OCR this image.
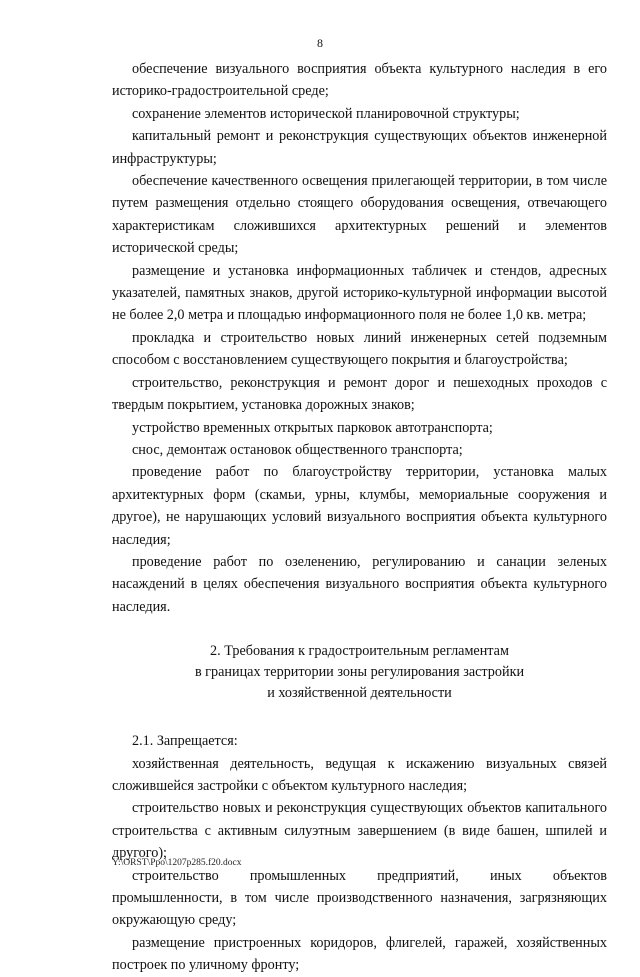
8

обеспечение визуального восприятия объекта культурного наследия в его историко-градостроительной среде;

сохранение элементов исторической планировочной структуры;

капитальный ремонт и реконструкция существующих объектов инженерной инфраструктуры;

обеспечение качественного освещения прилегающей территории, в том числе путем размещения отдельно стоящего оборудования освещения, отвечающего характеристикам сложившихся архитектурных решений и элементов исторической среды;

размещение и установка информационных табличек и стендов, адресных указателей, памятных знаков, другой историко-культурной информации высотой не более 2,0 метра и площадью информационного поля не более 1,0 кв. метра;

прокладка и строительство новых линий инженерных сетей подземным способом с восстановлением существующего покрытия и благоустройства;

строительство, реконструкция и ремонт дорог и пешеходных проходов с твердым покрытием, установка дорожных знаков;

устройство временных открытых парковок автотранспорта;

снос, демонтаж остановок общественного транспорта;

проведение работ по благоустройству территории, установка малых архитектурных форм (скамьи, урны, клумбы, мемориальные сооружения и другое), не нарушающих условий визуального восприятия объекта культурного наследия;

проведение работ по озеленению, регулированию и санации зеленых насаждений в целях обеспечения визуального восприятия объекта культурного наследия.

2. Требования к градостроительным регламентам
в границах территории зоны регулирования застройки
и хозяйственной деятельности

2.1. Запрещается:

хозяйственная деятельность, ведущая к искажению визуальных связей сложившейся застройки с объектом культурного наследия;

строительство новых и реконструкция существующих объектов капитального строительства с активным силуэтным завершением (в виде башен, шпилей и другого);

строительство промышленных предприятий, иных объектов промышленности, в том числе производственного назначения, загрязняющих окружающую среду;

размещение пристроенных коридоров, флигелей, гаражей, хозяйственных построек по уличному фронту;

Y:\ORST\Ppo\1207p285.f20.docx
